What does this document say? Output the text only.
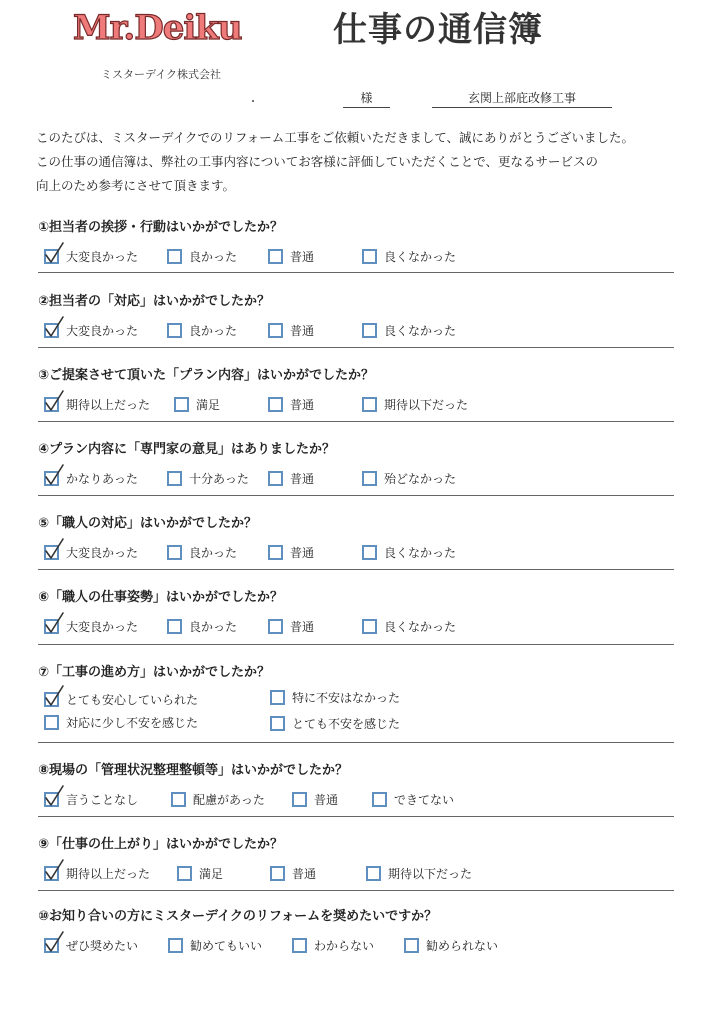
Mr.Deiku	仕事の通信簿
ミスターデイク株式会社
様	玄関上部庇改修工事
このたびは、ミスターデイクでのリフォーム工事をご依頼いただきまして、誠にありがとうございました。
この仕事の通信簿は、弊社の工事内容についてお客様に評価していただくことで、更なるサービスの
向上のため参考にさせて頂きます。
①担当者の挨拶・行動はいかがでしたか？
大変良かった	良かった	普通	良くなかった
②担当者の「対応」はいかがでしたか？
大変良かった	良かった	普通	良くなかった
③ご提案させて頂いた「プラン内容」はいかがでしたか？
期待以上だった	満足	普通	期待以下だった
④プラン内容に「専門家の意見」はありましたか？
かなりあった	十分あった	普通	殆どなかった
⑤「職人の対応」はいかがでしたか？
大変良かった	良かった	普通	良くなかった
⑥「職人の仕事姿勢」はいかがでしたか？
大変良かった	良かった	普通	良くなかった
⑦「工事の進め方」はいかがでしたか？
とても安心していられた	特に不安はなかった
対応に少し不安を感じた	とても不安を感じた
⑧現場の「管理状況整理整頓等」はいかがでしたか？
言うことなし	配慮があった	普通	できてない
⑨「仕事の仕上がり」はいかがでしたか？
期待以上だった	満足	普通	期待以下だった
⑩お知り合いの方にミスターデイクのリフォームを奨めたいですか？
ぜひ奨めたい	勧めてもいい	わからない	勧められない
